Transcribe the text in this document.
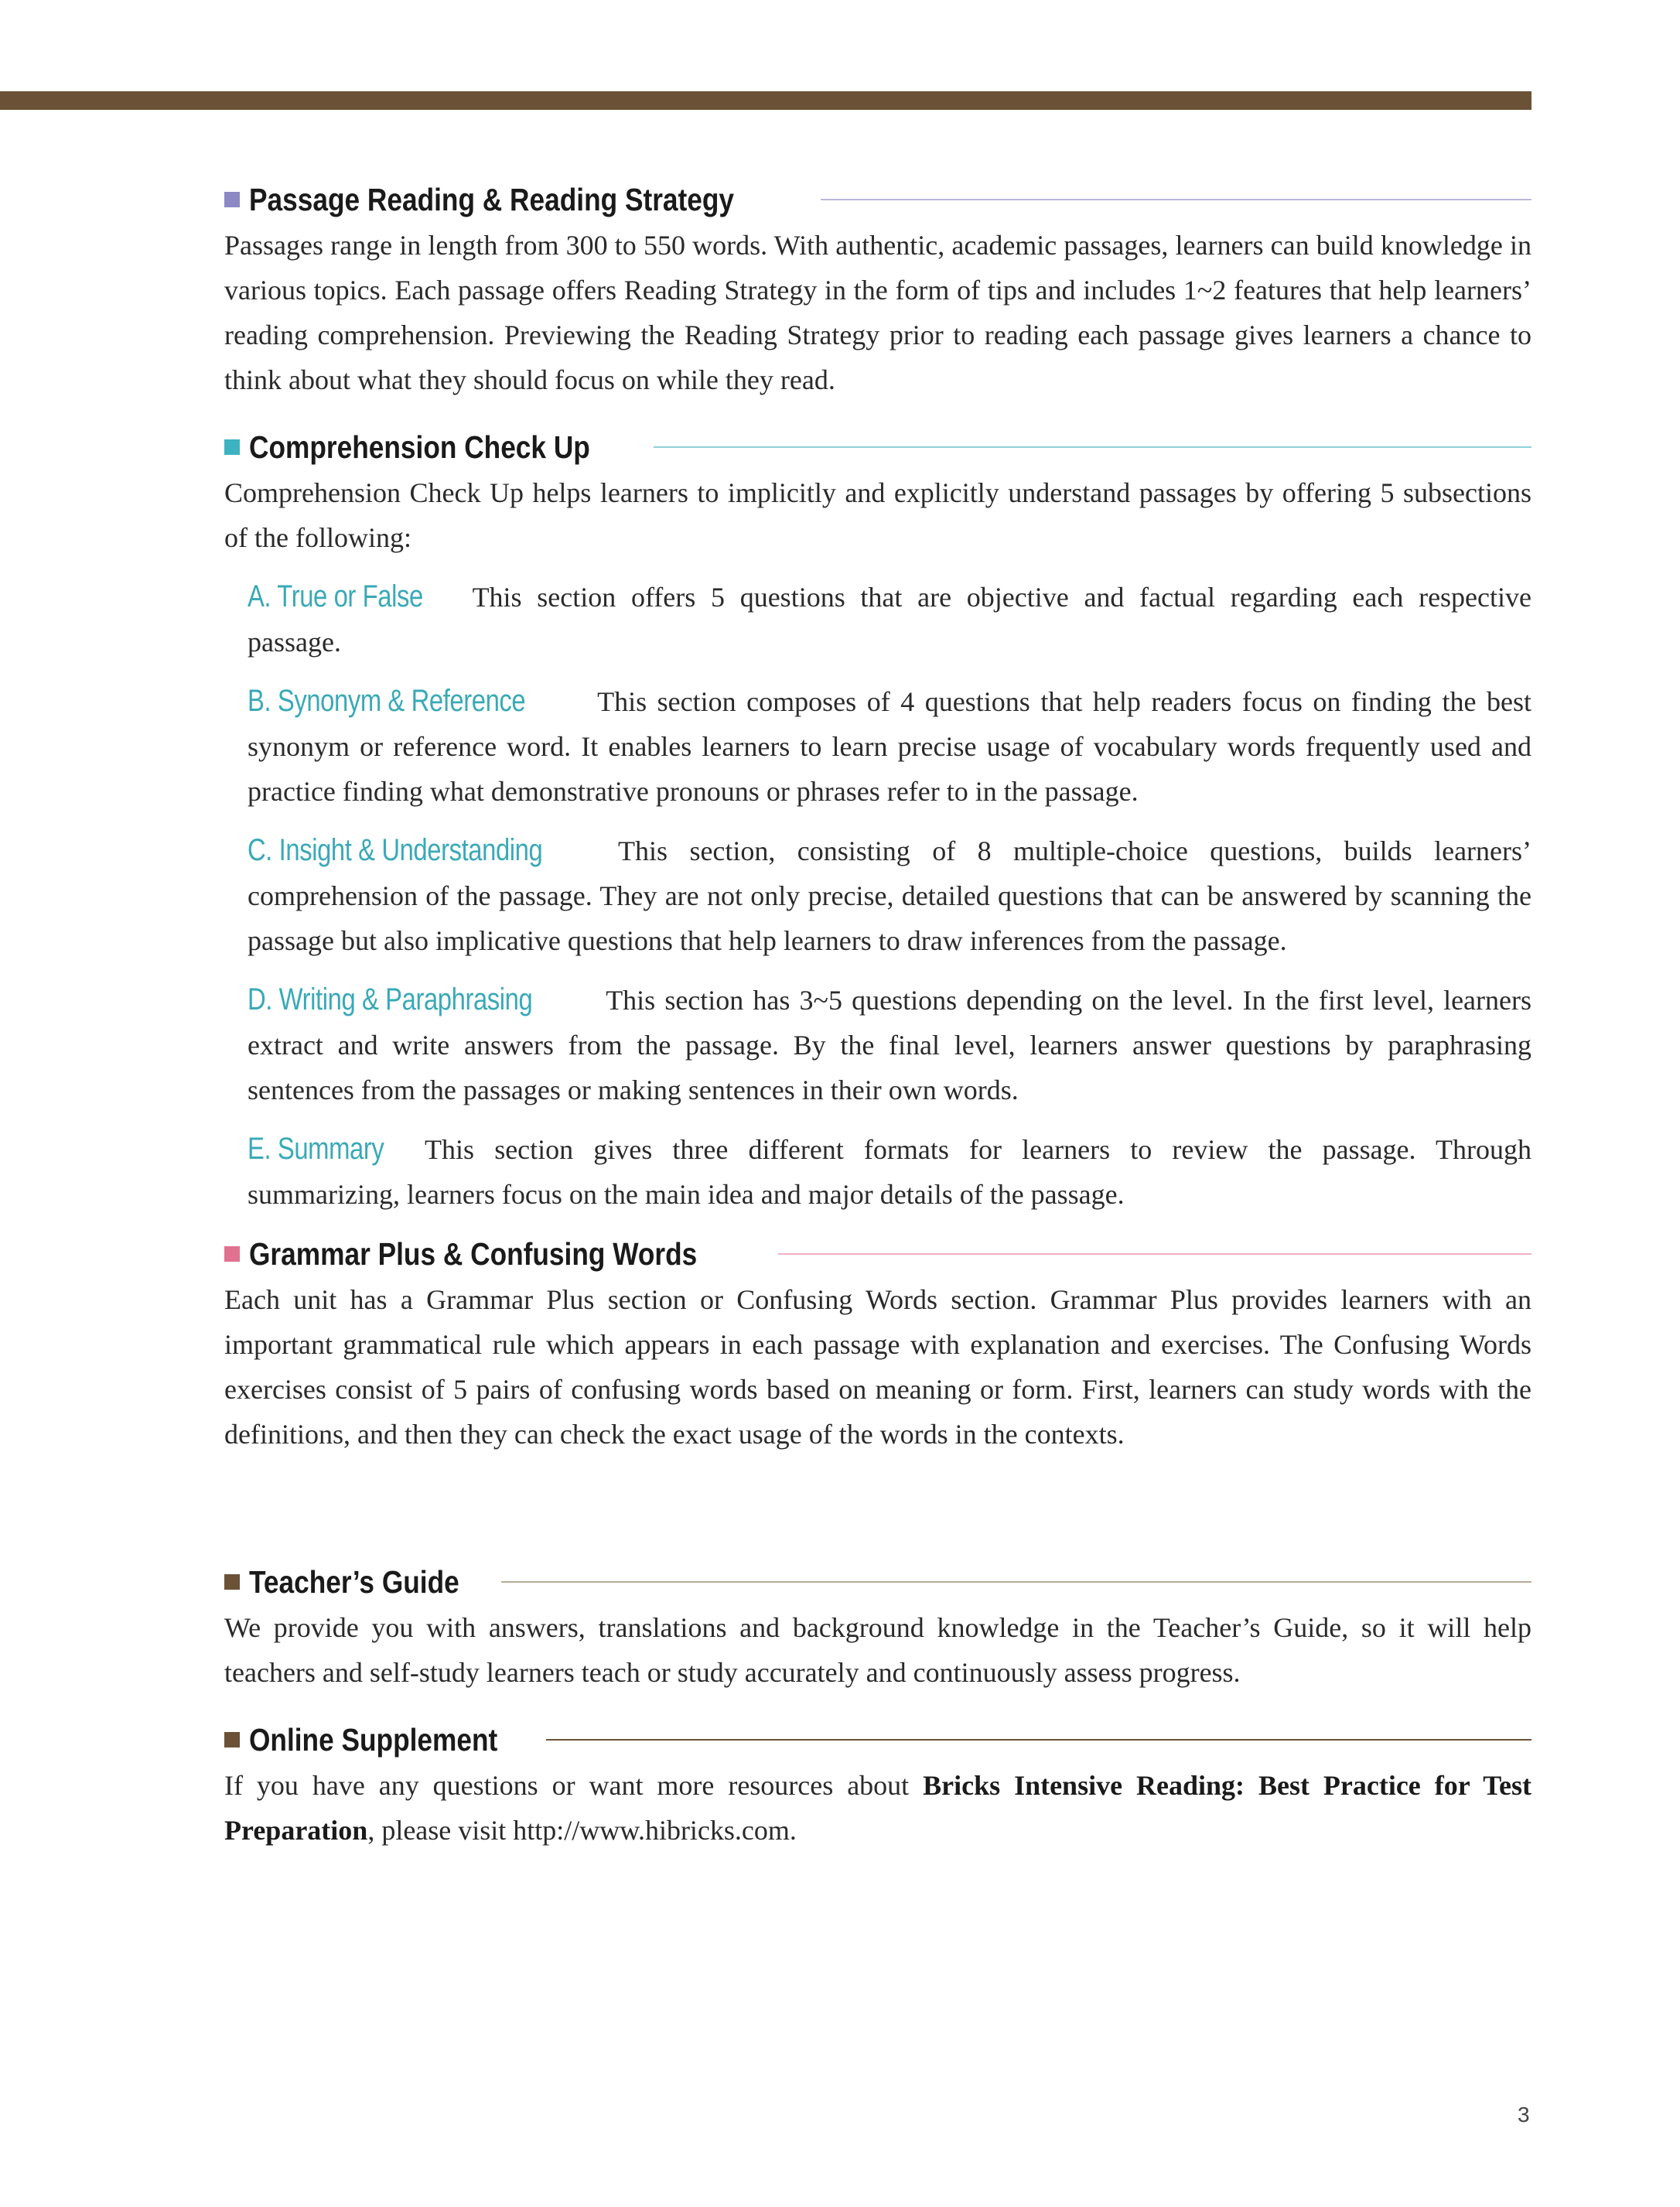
Passage Reading & Reading Strategy

Passages range in length from 300 to 550 words. With authentic, academic passages, learners can build knowledge in various topics. Each passage offers Reading Strategy in the form of tips and includes 1~2 features that help learners’ reading comprehension. Previewing the Reading Strategy prior to reading each passage gives learners a chance to think about what they should focus on while they read.

Comprehension Check Up

Comprehension Check Up helps learners to implicitly and explicitly understand passages by offering 5 subsections of the following:

A. True or False This section offers 5 questions that are objective and factual regarding each respective passage.

B. Synonym & Reference	This section composes of 4 questions that help readers focus on finding the best synonym or reference word. It enables learners to learn precise usage of vocabulary words frequently used and practice finding what demonstrative pronouns or phrases refer to in the passage.

C. Insight & Understanding	This section, consisting of 8 multiple-choice questions, builds learners’ comprehension of the passage. They are not only precise, detailed questions that can be answered by scanning the passage but also implicative questions that help learners to draw inferences from the passage.

D. Writing & Paraphrasing	This section has 3~5 questions depending on the level. In the first level, learners extract and write answers from the passage. By the final level, learners answer questions by paraphrasing sentences from the passages or making sentences in their own words.

E. Summary This section gives three different formats for learners to review the passage. Through summarizing, learners focus on the main idea and major details of the passage.

Grammar Plus & Confusing Words

Each unit has a Grammar Plus section or Confusing Words section. Grammar Plus provides learners with an important grammatical rule which appears in each passage with explanation and exercises. The Confusing Words exercises consist of 5 pairs of confusing words based on meaning or form. First, learners can study words with the definitions, and then they can check the exact usage of the words in the contexts.

Teacher’s Guide

We provide you with answers, translations and background knowledge in the Teacher’s Guide, so it will help teachers and self-study learners teach or study accurately and continuously assess progress.

Online Supplement

If you have any questions or want more resources about Bricks Intensive Reading: Best Practice for Test Preparation, please visit http://www.hibricks.com.

3
